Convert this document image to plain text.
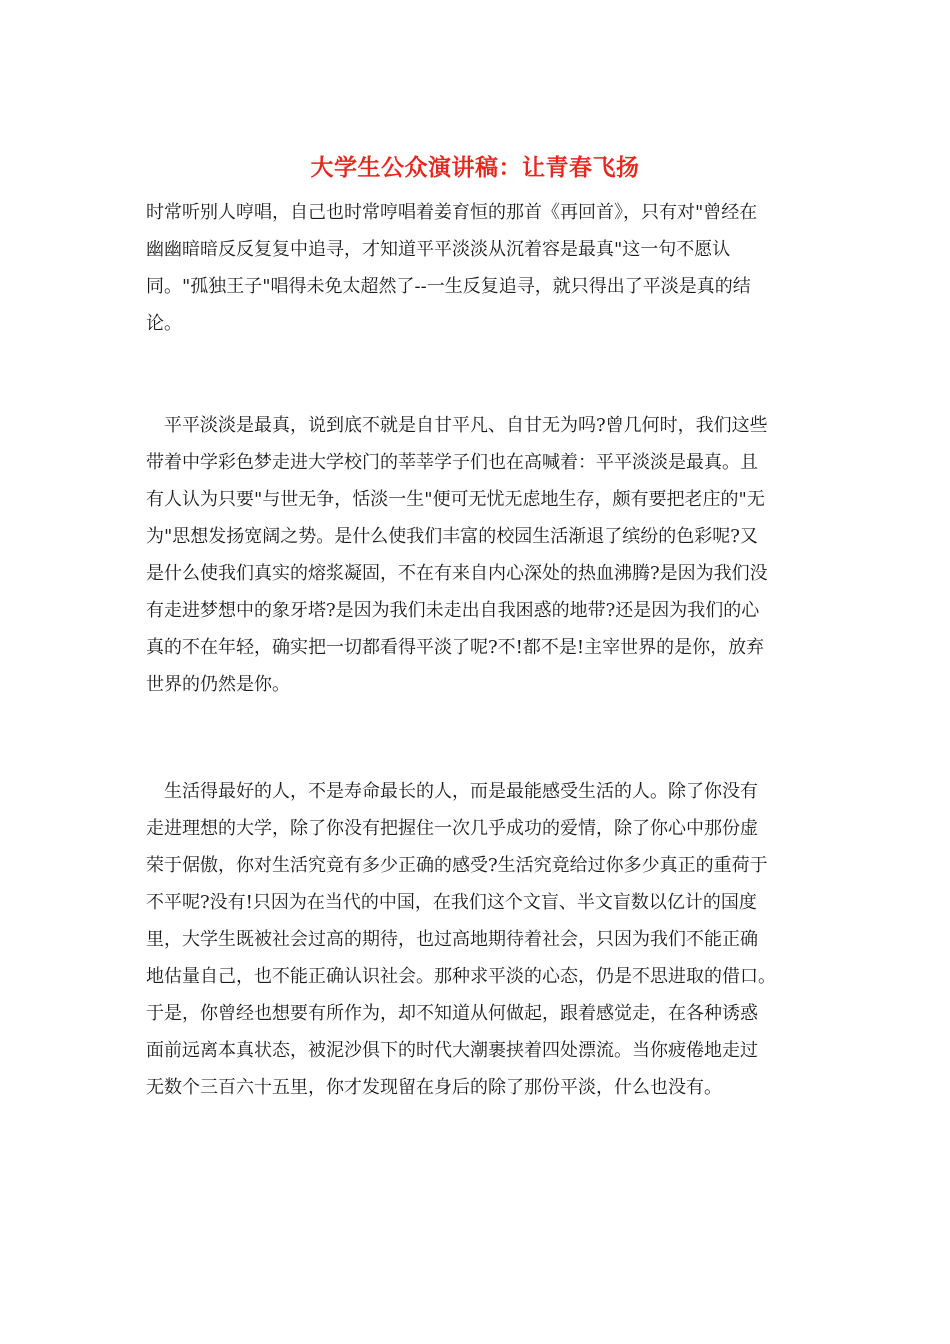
大学生公众演讲稿：让青春飞扬
时常听别人哼唱，自己也时常哼唱着姜育恒的那首《再回首》，只有对"曾经在
幽幽暗暗反反复复中追寻，才知道平平淡淡从沉着容是最真"这一句不愿认
同。"孤独王子"唱得未免太超然了--一生反复追寻，就只得出了平淡是真的结
论。
　平平淡淡是最真，说到底不就是自甘平凡、自甘无为吗?曾几何时，我们这些
带着中学彩色梦走进大学校门的莘莘学子们也在高喊着：平平淡淡是最真。且
有人认为只要"与世无争，恬淡一生"便可无忧无虑地生存，颇有要把老庄的"无
为"思想发扬宽阔之势。是什么使我们丰富的校园生活渐退了缤纷的色彩呢?又
是什么使我们真实的熔浆凝固，不在有来自内心深处的热血沸腾?是因为我们没
有走进梦想中的象牙塔?是因为我们未走出自我困惑的地带?还是因为我们的心
真的不在年轻，确实把一切都看得平淡了呢?不!都不是!主宰世界的是你，放弃
世界的仍然是你。
　生活得最好的人，不是寿命最长的人，而是最能感受生活的人。除了你没有
走进理想的大学，除了你没有把握住一次几乎成功的爱情，除了你心中那份虚
荣于倨傲，你对生活究竟有多少正确的感受?生活究竟给过你多少真正的重荷于
不平呢?没有!只因为在当代的中国，在我们这个文盲、半文盲数以亿计的国度
里，大学生既被社会过高的期待，也过高地期待着社会，只因为我们不能正确
地估量自己，也不能正确认识社会。那种求平淡的心态，仍是不思进取的借口。
于是，你曾经也想要有所作为，却不知道从何做起，跟着感觉走，在各种诱惑
面前远离本真状态，被泥沙俱下的时代大潮裹挟着四处漂流。当你疲倦地走过
无数个三百六十五里，你才发现留在身后的除了那份平淡，什么也没有。
